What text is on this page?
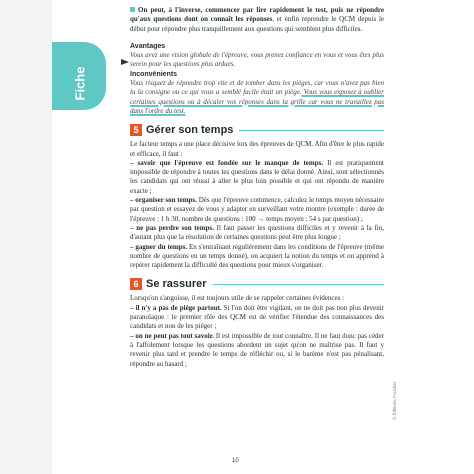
Fiche

On peut, à l'inverse, commencer par lire rapidement le test, puis ne répondre qu'aux questions dont on connaît les réponses, et enfin reprendre le QCM depuis le début pour répondre plus tranquillement aux questions qui semblent plus difficiles.

Avantages

Vous avez une vision globale de l'épreuve, vous prenez confiance en vous et vous êtes plus serein pour les questions plus ardues.

Inconvénients

Vous risquez de répondre trop vite et de tomber dans les pièges, car vous n'avez pas bien lu la consigne ou ce qui vous a semblé facile était un piège. Vous vous exposez à oublier certaines questions ou à décaler vos réponses dans la grille car vous ne travaillez pas dans l'ordre du test.

5 Gérer son temps

Le facteur temps a une place décisive lors des épreuves de QCM. Afin d'être le plus rapide et efficace, il faut :

– savoir que l'épreuve est fondée sur le manque de temps. Il est pratiquement impossible de répondre à toutes les questions dans le délai donné. Ainsi, sont sélectionnés les candidats qui ont réussi à aller le plus loin possible et qui ont répondu de manière exacte ;

– organiser son temps. Dès que l'épreuve commence, calculez le temps moyen nécessaire par question et essayez de vous y adapter en surveillant votre montre (exemple : durée de l'épreuve : 1 h 30, nombre de questions : 100 → temps moyen : 54 s par question) ;

– ne pas perdre son temps. Il faut passer les questions difficiles et y revenir à la fin, d'autant plus que la résolution de certaines questions peut être plus longue ;

– gagner du temps. En s'entraînant régulièrement dans les conditions de l'épreuve (même nombre de questions en un temps donné), on acquiert la notion du temps et on apprend à repérer rapidement la difficulté des questions pour mieux s'organiser.

6 Se rassurer

Lorsqu'on s'angoisse, il est toujours utile de se rappeler certaines évidences :

– il n'y a pas de piège partout. Si l'on doit être vigilant, on ne doit pas non plus devenir paranoïaque : le premier rôle des QCM est de vérifier l'étendue des connaissances des candidats et non de les piéger ;

– on ne peut pas tout savoir. Il est impossible de tout connaître. Il ne faut donc pas céder à l'affolement lorsque les questions abordent un sujet qu'on ne maîtrise pas. Il faut y revenir plus tard et prendre le temps de réfléchir ou, si le barème n'est pas pénalisant, répondre au hasard ;

10
© Éditions Foucher
